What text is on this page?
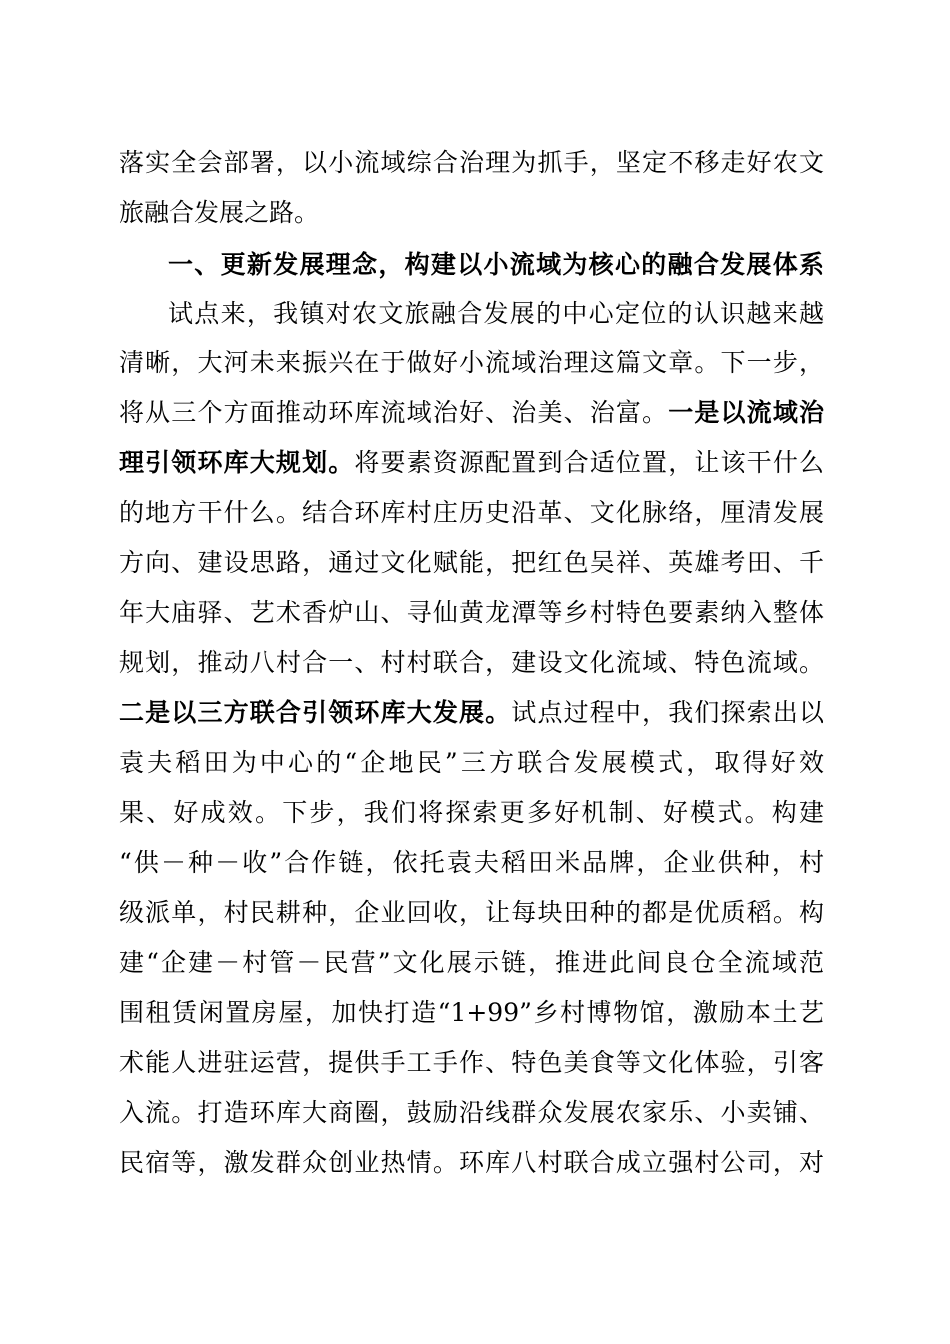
落实全会部署，以小流域综合治理为抓手，坚定不移走好农文
旅融合发展之路。
一、更新发展理念，构建以小流域为核心的融合发展体系
试点来，我镇对农文旅融合发展的中心定位的认识越来越
清晰，大河未来振兴在于做好小流域治理这篇文章。下一步，
将从三个方面推动环库流域治好、治美、治富。一是以流域治
理引领环库大规划。将要素资源配置到合适位置，让该干什么
的地方干什么。结合环库村庄历史沿革、文化脉络，厘清发展
方向、建设思路，通过文化赋能，把红色吴祥、英雄考田、千
年大庙驿、艺术香炉山、寻仙黄龙潭等乡村特色要素纳入整体
规划，推动八村合一、村村联合，建设文化流域、特色流域。
二是以三方联合引领环库大发展。试点过程中，我们探索出以
袁夫稻田为中心的“企地民”三方联合发展模式，取得好效
果、好成效。下步，我们将探索更多好机制、好模式。构建
“供－种－收”合作链，依托袁夫稻田米品牌，企业供种，村
级派单，村民耕种，企业回收，让每块田种的都是优质稻。构
建“企建－村管－民营”文化展示链，推进此间良仓全流域范
围租赁闲置房屋，加快打造“1+99”乡村博物馆，激励本土艺
术能人进驻运营，提供手工手作、特色美食等文化体验，引客
入流。打造环库大商圈，鼓励沿线群众发展农家乐、小卖铺、
民宿等，激发群众创业热情。环库八村联合成立强村公司，对
